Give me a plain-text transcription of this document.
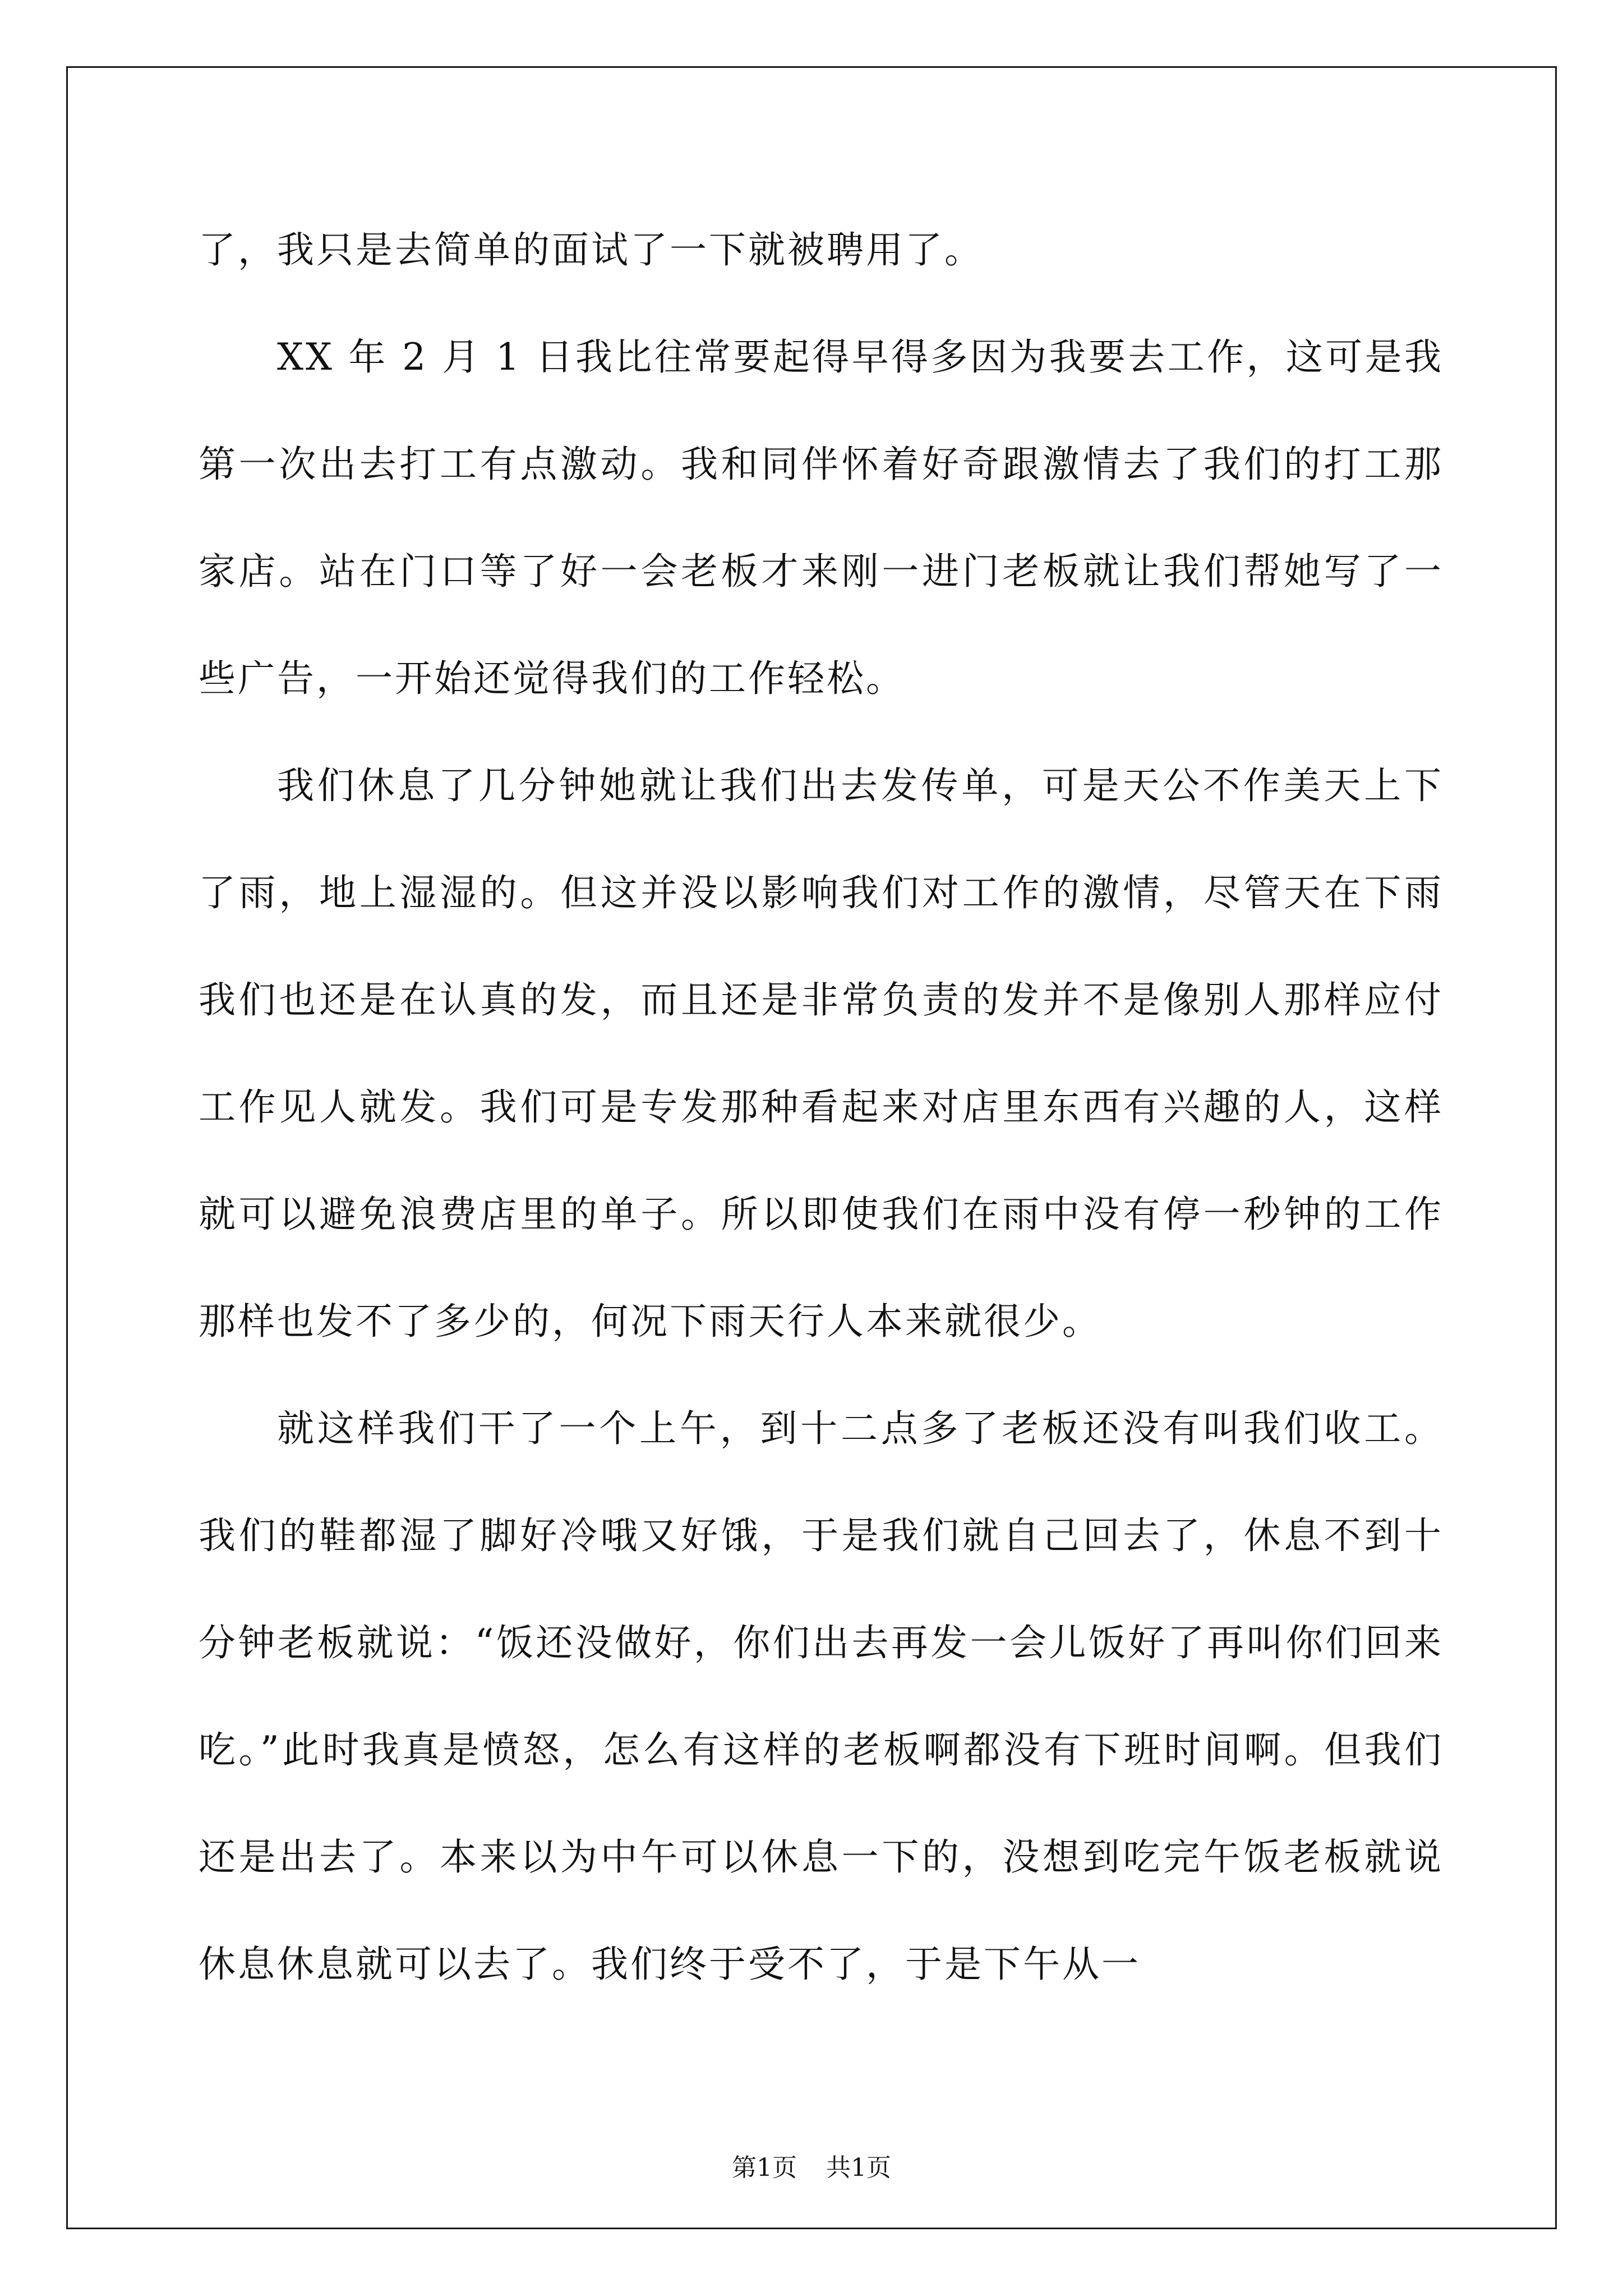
了，我只是去简单的面试了一下就被聘用了。

XX 年 2 月 1 日我比往常要起得早得多因为我要去工作，这可是我第一次出去打工有点激动。我和同伴怀着好奇跟激情去了我们的打工那家店。站在门口等了好一会老板才来刚一进门老板就让我们帮她写了一些广告，一开始还觉得我们的工作轻松。

我们休息了几分钟她就让我们出去发传单，可是天公不作美天上下了雨，地上湿湿的。但这并没以影响我们对工作的激情，尽管天在下雨我们也还是在认真的发，而且还是非常负责的发并不是像别人那样应付工作见人就发。我们可是专发那种看起来对店里东西有兴趣的人，这样就可以避免浪费店里的单子。所以即使我们在雨中没有停一秒钟的工作那样也发不了多少的，何况下雨天行人本来就很少。

就这样我们干了一个上午，到十二点多了老板还没有叫我们收工。我们的鞋都湿了脚好冷哦又好饿，于是我们就自己回去了，休息不到十分钟老板就说：“饭还没做好，你们出去再发一会儿饭好了再叫你们回来吃。”此时我真是愤怒，怎么有这样的老板啊都没有下班时间啊。但我们还是出去了。本来以为中午可以休息一下的，没想到吃完午饭老板就说休息休息就可以去了。我们终于受不了，于是下午从一

第1页 共1页
